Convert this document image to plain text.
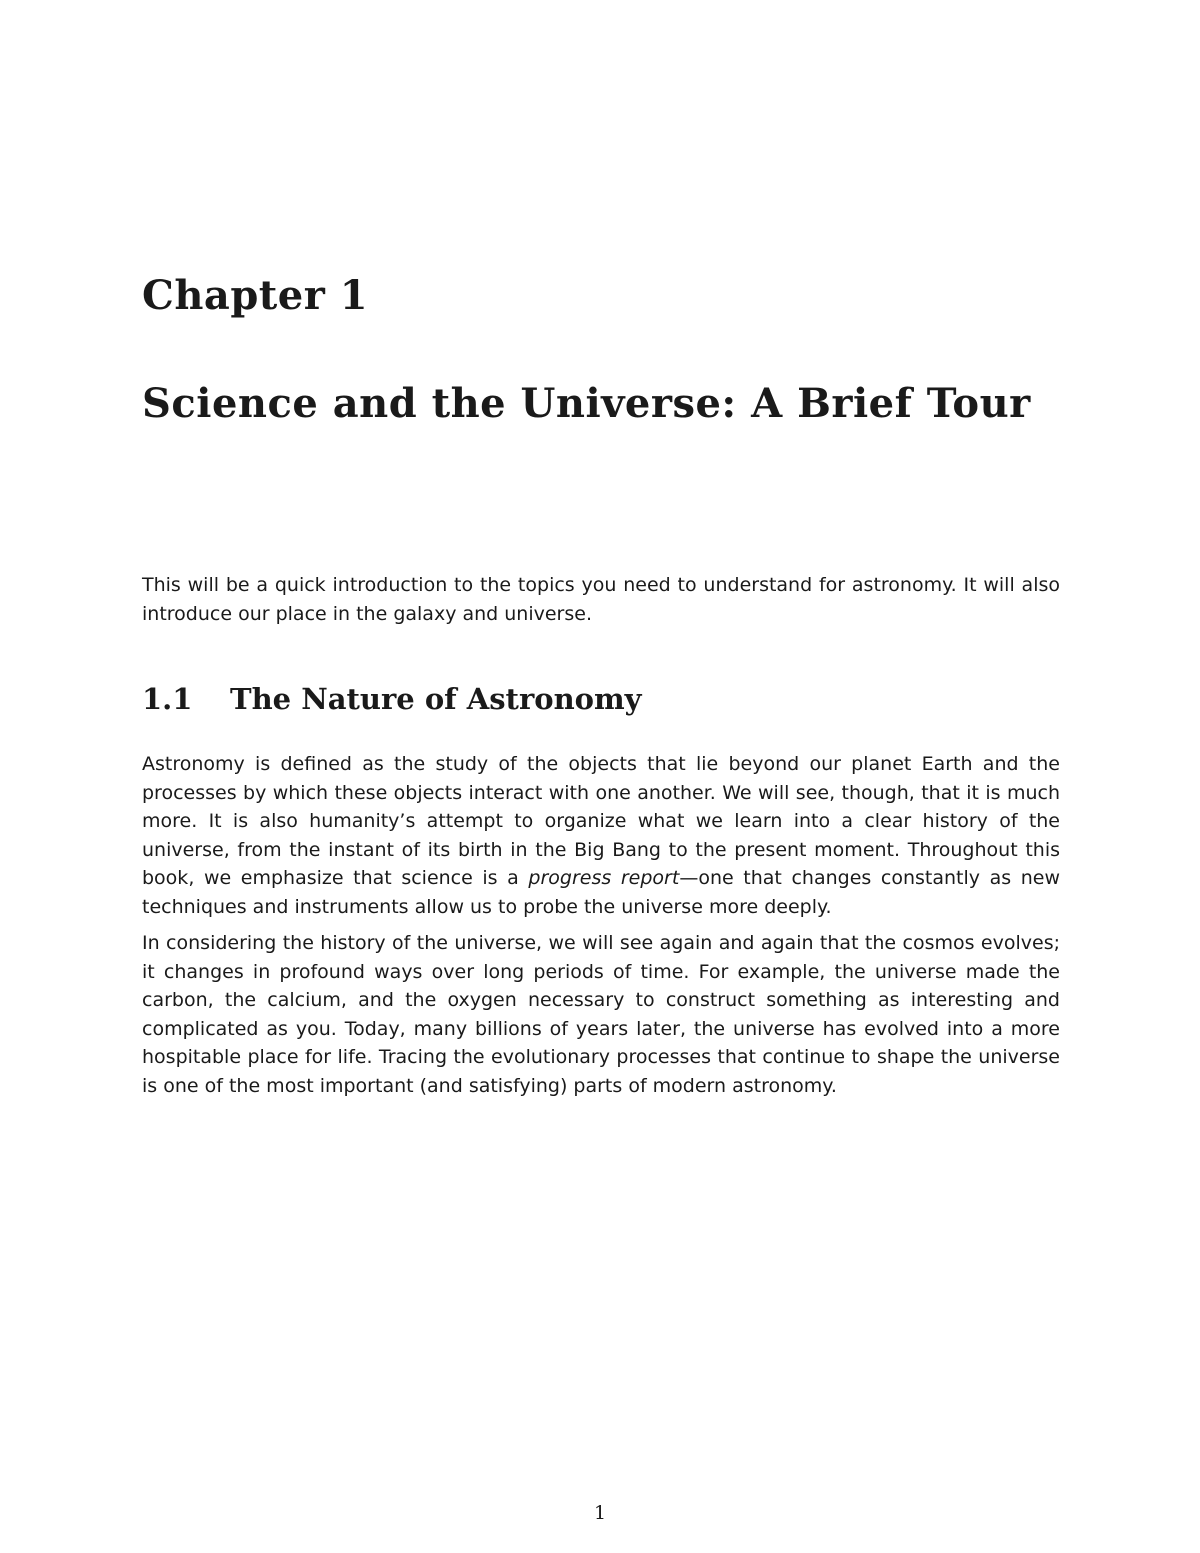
Chapter 1
Science and the Universe: A Brief Tour

This will be a quick introduction to the topics you need to understand for astronomy. It will also introduce our place in the galaxy and universe.

1.1 The Nature of Astronomy

Astronomy is defined as the study of the objects that lie beyond our planet Earth and the processes by which these objects interact with one another. We will see, though, that it is much more. It is also humanity’s attempt to organize what we learn into a clear history of the universe, from the instant of its birth in the Big Bang to the present moment. Throughout this book, we emphasize that science is a progress report—one that changes constantly as new techniques and instruments allow us to probe the universe more deeply.

In considering the history of the universe, we will see again and again that the cosmos evolves; it changes in profound ways over long periods of time. For example, the universe made the carbon, the calcium, and the oxygen necessary to construct something as interesting and complicated as you. Today, many billions of years later, the universe has evolved into a more hospitable place for life. Tracing the evolutionary processes that continue to shape the universe is one of the most important (and satisfying) parts of modern astronomy.

1
